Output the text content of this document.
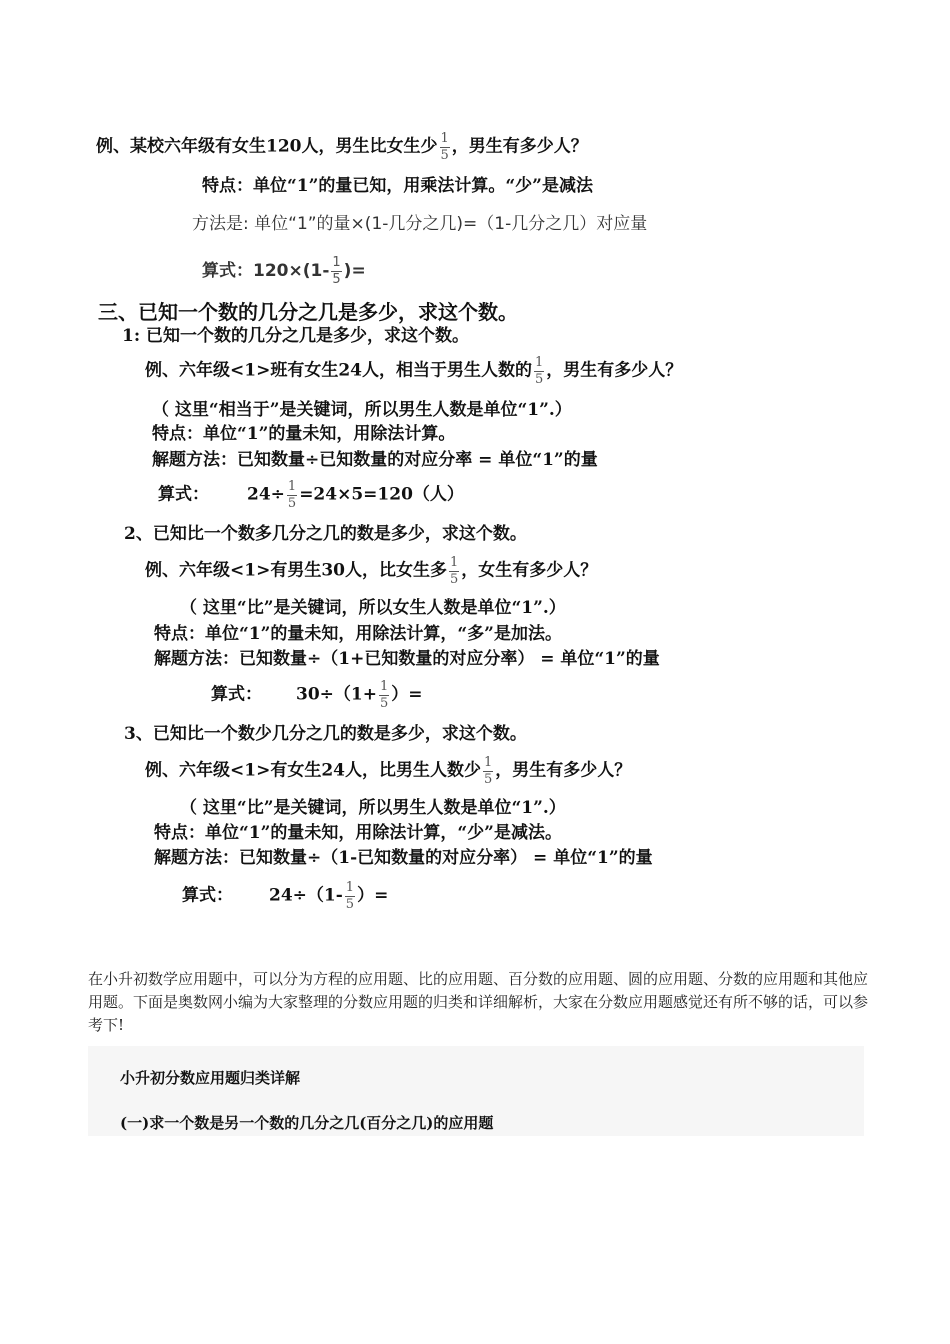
例、某校六年级有女生120人，男生比女生少 $\frac{1}{5}$ ，男生有多少人？
特点：单位“1”的量已知，用乘法计算。“少”是减法
方法是: 单位“1”的量×(1-几分之几)=（1-几分之几）对应量
算式：$120\times(1- \frac{1}{5}$ )=
三、已知一个数的几分之几是多少，求这个数。
1: 已知一个数的几分之几是多少，求这个数。
例、六年级<1>班有女生24人，相当于男生人数的 $\frac{1}{5}$ ，男生有多少人？
（ 这里“相当于”是关键词，所以男生人数是单位“1”.）
特点：单位“1”的量未知，用除法计算。
解题方法：已知数量÷已知数量的对应分率 = 单位“1”的量
算式： $24\div \frac{1}{5} =24\times 5=120$（人）
2、已知比一个数多几分之几的数是多少，求这个数。
例、六年级<1>有男生30人，比女生多 $\frac{1}{5}$ ，女生有多少人？
（ 这里“比”是关键词，所以女生人数是单位“1”.）
特点：单位“1”的量未知，用除法计算，“多”是加法。
解题方法：已知数量÷（1+已知数量的对应分率） = 单位“1”的量
算式： $30\div(1+ \frac{1}{5}$ ）=
3、已知比一个数少几分之几的数是多少，求这个数。
例、六年级<1>有女生24人，比男生人数少 $\frac{1}{5}$ ，男生有多少人？
（ 这里“比”是关键词，所以男生人数是单位“1”.）
特点：单位“1”的量未知，用除法计算，“少”是减法。
解题方法：已知数量÷（1-已知数量的对应分率） = 单位“1”的量
算式： $24\div(1- \frac{1}{5}$ ）=
在小升初数学应用题中，可以分为方程的应用题、比的应用题、百分数的应用题、圆的应用题、分数的应用题和其他应用题。下面是奥数网小编为大家整理的分数应用题的归类和详细解析，大家在分数应用题感觉还有所不够的话，可以参考下!
小升初分数应用题归类详解
(一)求一个数是另一个数的几分之几(百分之几)的应用题
